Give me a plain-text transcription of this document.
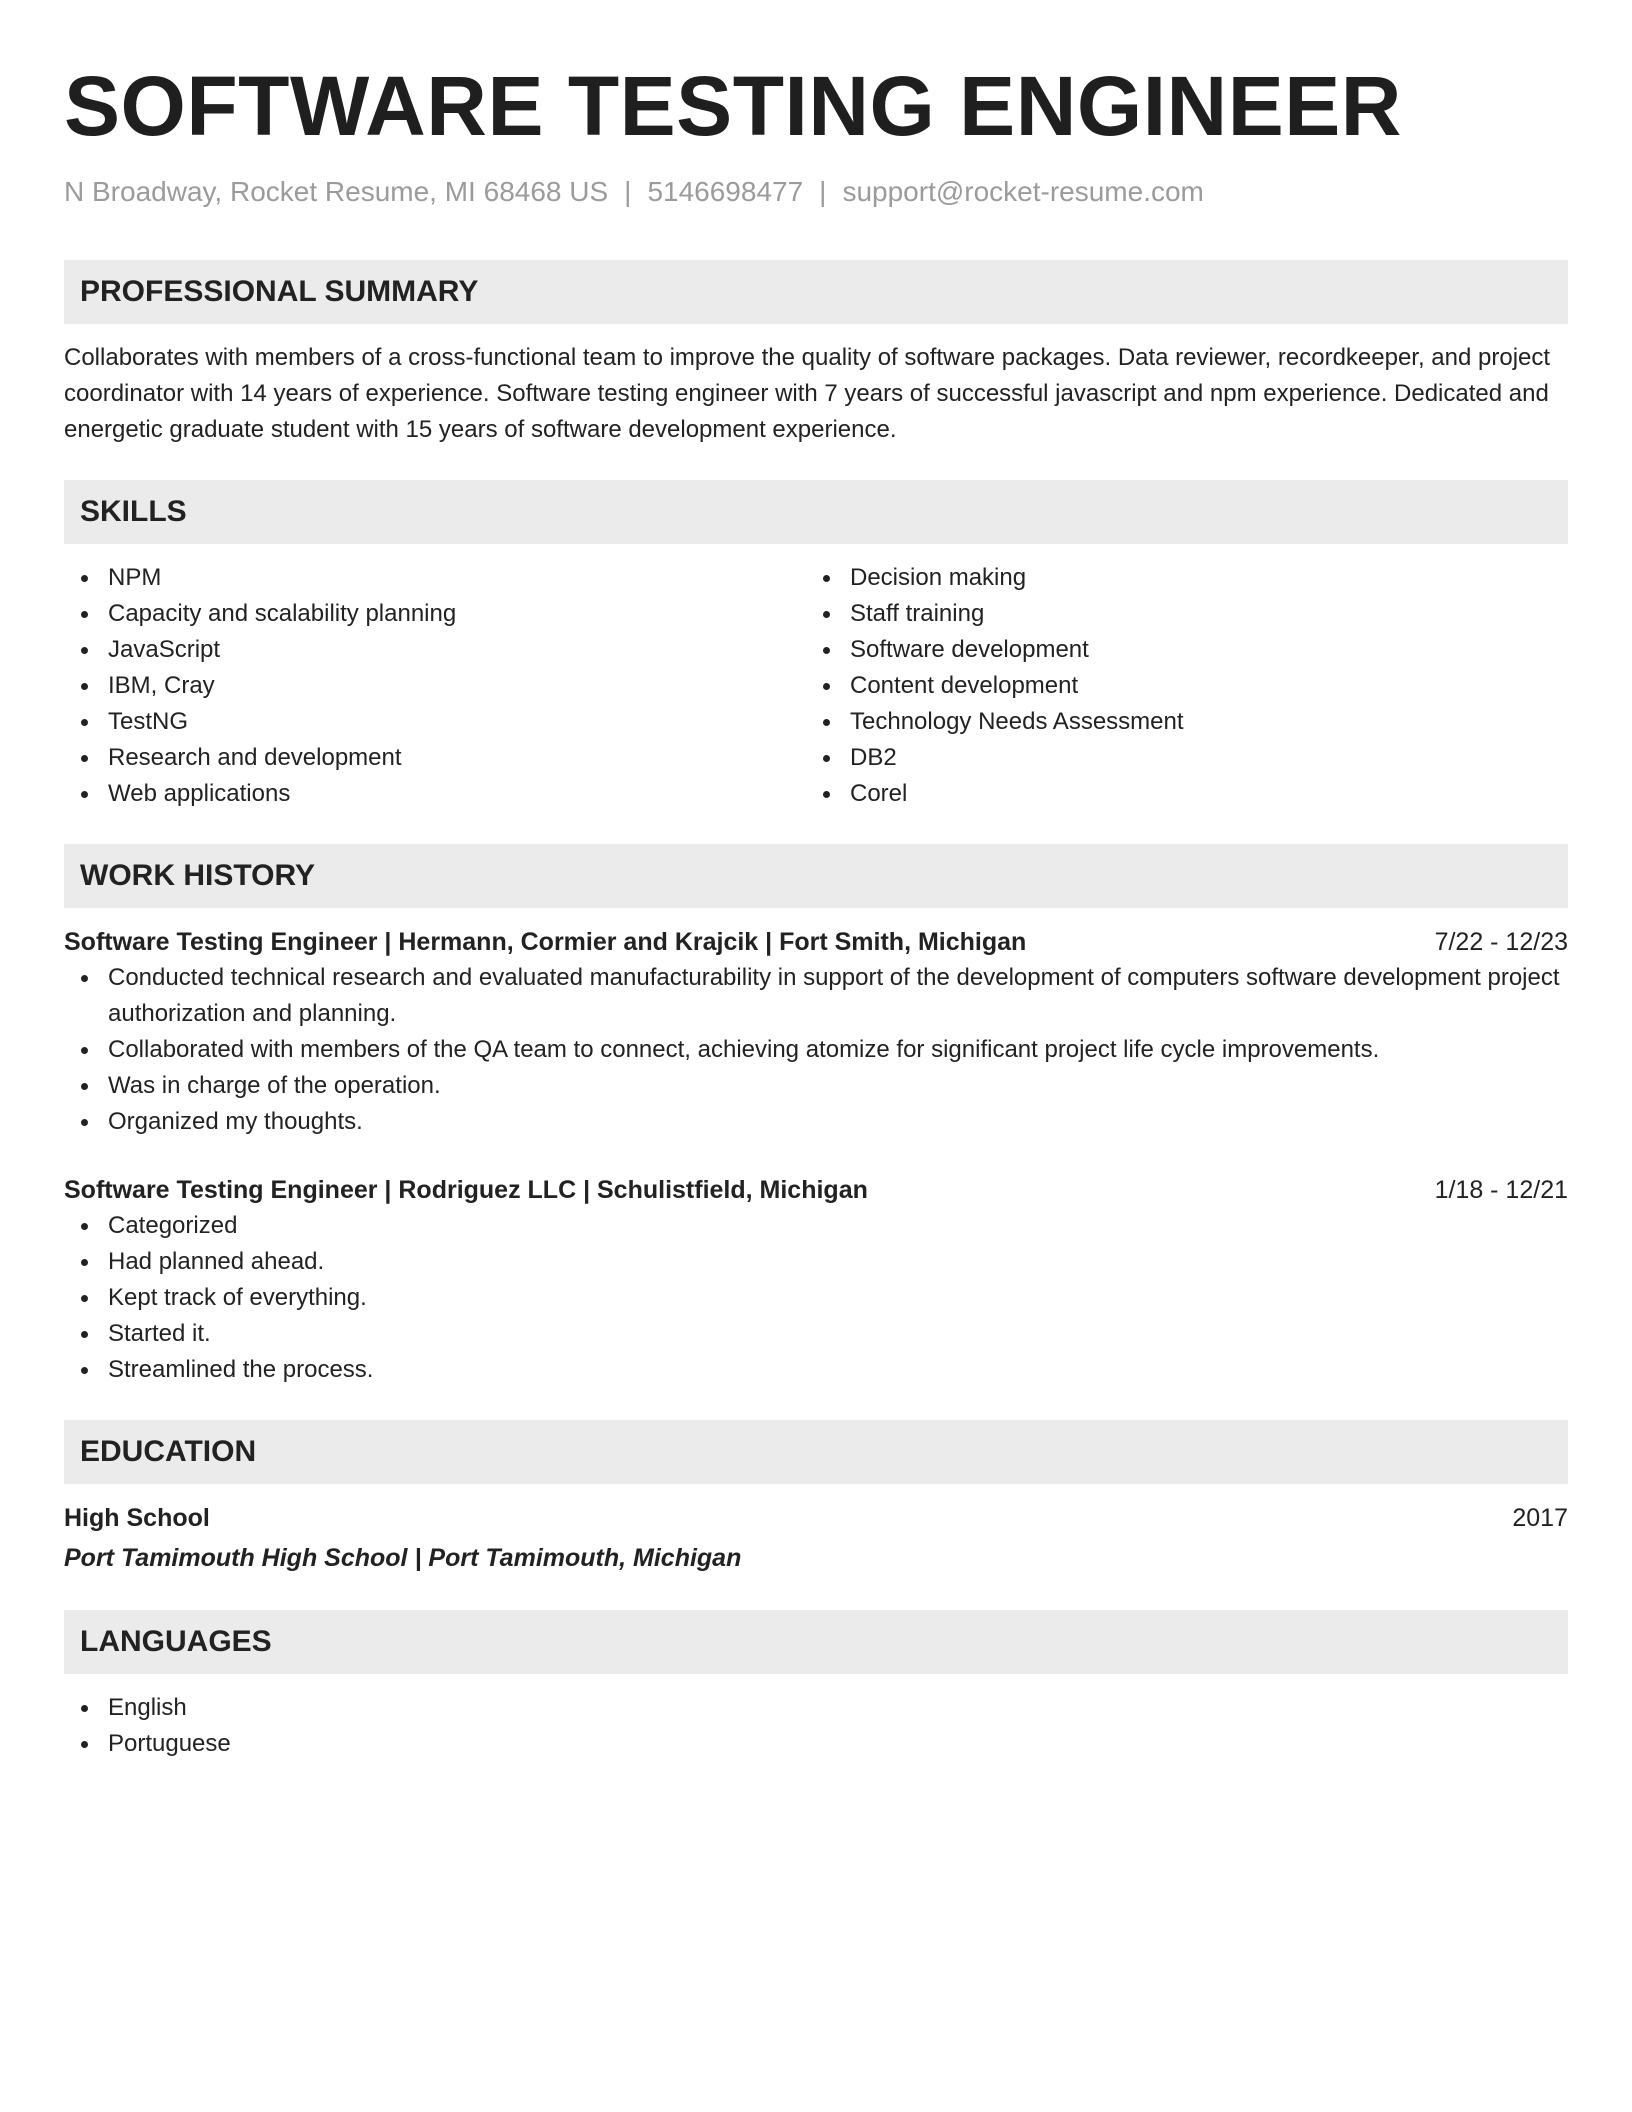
SOFTWARE TESTING ENGINEER
N Broadway, Rocket Resume, MI 68468 US | 5146698477 | support@rocket-resume.com
PROFESSIONAL SUMMARY

Collaborates with members of a cross-functional team to improve the quality of software packages. Data reviewer, recordkeeper, and project coordinator with 14 years of experience. Software testing engineer with 7 years of successful javascript and npm experience. Dedicated and energetic graduate student with 15 years of software development experience.

SKILLS
NPM
Capacity and scalability planning
JavaScript
IBM, Cray
TestNG
Research and development
Web applications
Decision making
Staff training
Software development
Content development
Technology Needs Assessment
DB2
Corel
WORK HISTORY
Software Testing Engineer | Hermann, Cormier and Krajcik | Fort Smith, Michigan	7/22 - 12/23
Conducted technical research and evaluated manufacturability in support of the development of computers software development project authorization and planning.
Collaborated with members of the QA team to connect, achieving atomize for significant project life cycle improvements.
Was in charge of the operation.
Organized my thoughts.
Software Testing Engineer | Rodriguez LLC | Schulistfield, Michigan	1/18 - 12/21
Categorized
Had planned ahead.
Kept track of everything.
Started it.
Streamlined the process.
EDUCATION
High School	2017
Port Tamimouth High School | Port Tamimouth, Michigan
LANGUAGES
English
Portuguese
